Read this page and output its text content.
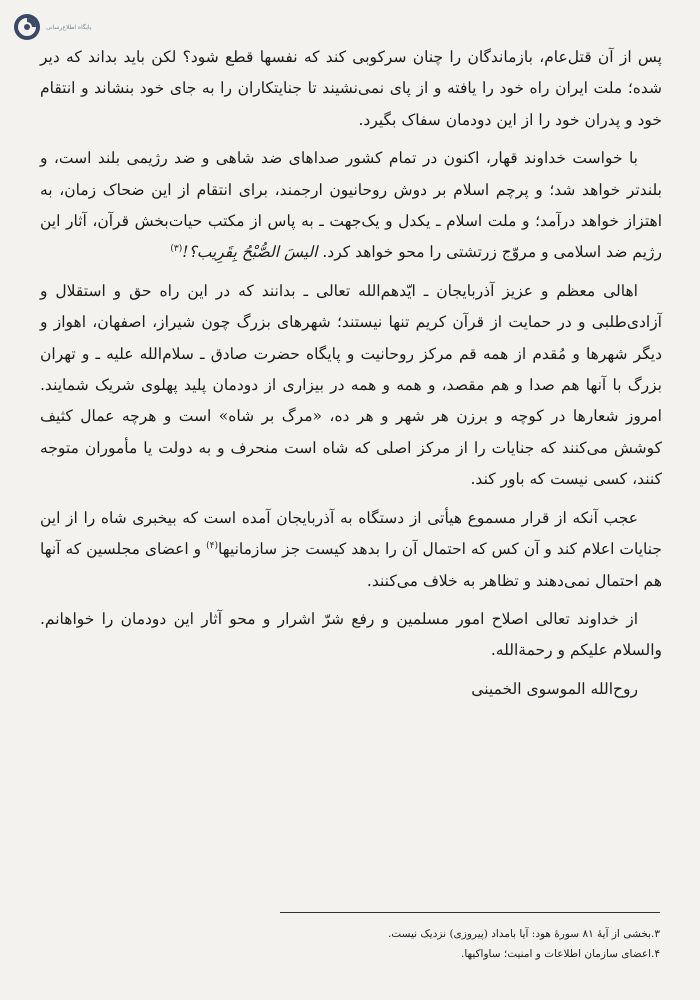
پایگاه اطلاع‌رسانی

پس از آن قتل‌عام، بازماندگان را چنان سرکوبی کند که نفسها قطع شود؟ لکن باید بداند که دیر شده؛ ملت ایران راه خود را یافته و از پای نمی‌نشیند تا جنایتکاران را به جای خود بنشاند و انتقام خود و پدران خود را از این دودمان سفاک بگیرد.

با خواست خداوند قهار، اکنون در تمام کشور صداهای ضد شاهی و ضد رژیمی بلند است، و بلندتر خواهد شد؛ و پرچم اسلام بر دوش روحانیون ارجمند، برای انتقام از این ضحاک زمان، به اهتزاز خواهد درآمد؛ و ملت اسلام ـ یکدل و یک‌جهت ـ به پاس از مکتب حیات‌بخش قرآن، آثار این رژیم ضد اسلامی و مروّج زرتشتی را محو خواهد کرد. الیسَ الصُّبْحُ بِقَرِیب؟!$^{(۳)}$

اهالی معظم و عزیز آذربایجان ـ ایّدهم‌الله تعالی ـ بدانند که در این راه حق و استقلال و آزادی‌طلبی و در حمایت از قرآن کریم تنها نیستند؛ شهرهای بزرگ چون شیراز، اصفهان، اهواز و دیگر شهرها و مُقدم از همه قم مرکز روحانیت و پایگاه حضرت صادق ـ سلام‌الله علیه ـ و تهران بزرگ با آنها هم صدا و هم مقصد، و همه و همه در بیزاری از دودمان پلید پهلوی شریک شمایند. امروز شعارها در کوچه و برزن هر شهر و هر ده، «مرگ بر شاه» است و هرچه عمال کثیف کوشش می‌کنند که جنایات را از مرکز اصلی که شاه است منحرف و به دولت یا مأموران متوجه کنند، کسی نیست که باور کند.

عجب آنکه از قرار مسموع هیأتی از دستگاه به آذربایجان آمده است که بیخبری شاه را از این جنایات اعلام کند و آن کس که احتمال آن را بدهد کیست جز سازمانیها$^{(۴)}$ و اعضای مجلسین که آنها هم احتمال نمی‌دهند و تظاهر به خلاف می‌کنند.

از خداوند تعالی اصلاح امور مسلمین و رفع شرّ اشرار و محو آثار این دودمان را خواهانم. والسلام علیکم و رحمة‌الله.

روح‌الله الموسوی الخمینی

۳.بخشی از آیهٔ ۸۱ سورهٔ هود: آیا بامداد (پیروزی) نزدیک نیست.
۴.اعضای سازمان اطلاعات و امنیت؛ ساواکیها.
